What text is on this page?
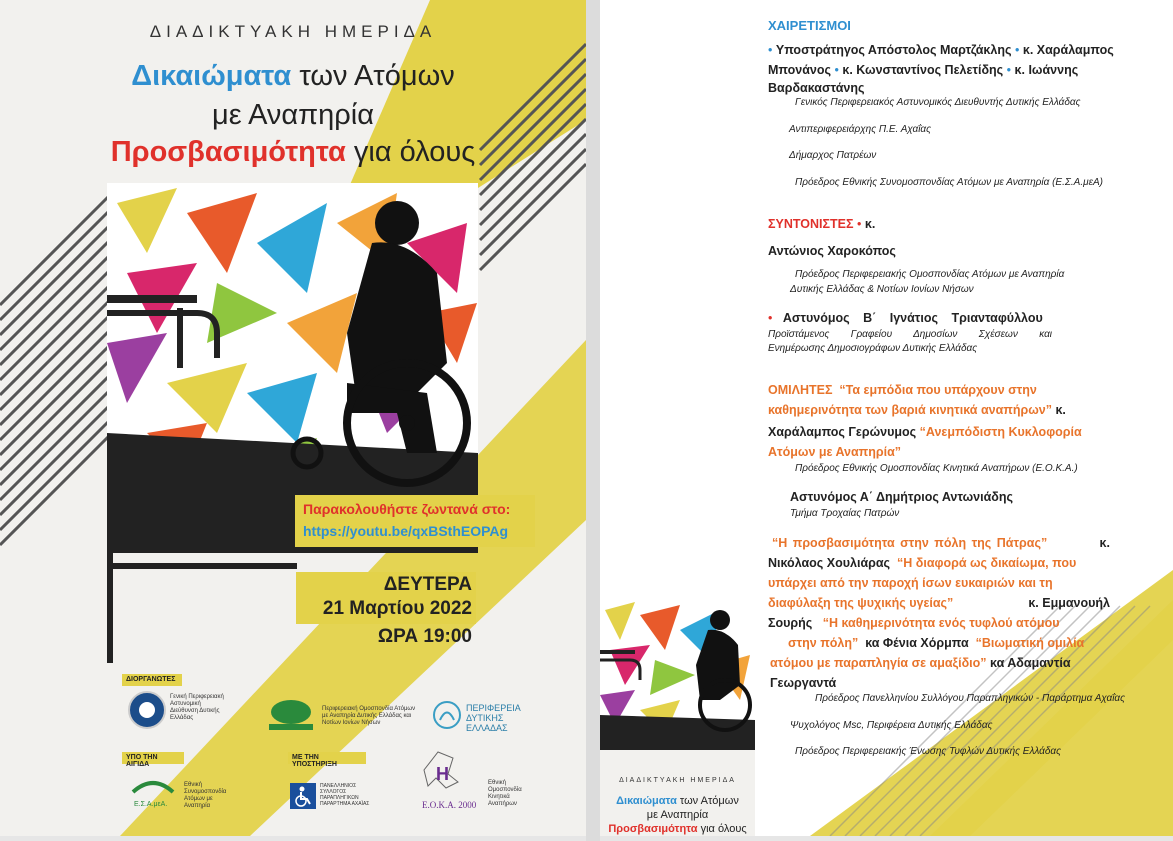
ΔΙΑΔΙΚΤΥΑΚΗ ΗΜΕΡΙΔΑ
Δικαιώματα των Ατόμων
με Αναπηρία
Προσβασιμότητα για όλους
Παρακολουθήστε ζωντανά στο:
https://youtu.be/qxBSthEOPAg
ΔΕΥΤΕΡΑ
21 Μαρτίου 2022
ΩΡΑ 19:00
ΔΙΟΡΓΑΝΩΤΕΣ
Γενική Περιφερειακή Αστυνομική Διεύθυνση Δυτικής Ελλάδας
Περιφερειακή Ομοσπονδία Ατόμων με Αναπηρία Δυτικής Ελλάδας και Νοτίων Ιονίων Νήσων
ΠΕΡΙΦΕΡΕΙΑ ΔΥΤΙΚΗΣ ΕΛΛΑΔΑΣ
ΥΠΟ ΤΗΝ ΑΙΓΙΔΑ
Ε.Σ.Α.μεΑ.
Εθνική Συνομοσπονδία Ατόμων με Αναπηρία
ΜΕ ΤΗΝ ΥΠΟΣΤΗΡΙΞΗ
ΠΑΝΕΛΛΗΝΙΟΣ ΣΥΛΛΟΓΟΣ ΠΑΡΑΠΛΗΓΙΚΩΝ ΠΑΡΑΡΤΗΜΑ ΑΧΑΪΑΣ
H
Ε.Ο.Κ.Α. 2000
Εθνική Ομοσπονδία Κινητικά Αναπήρων
ΧΑΙΡΕΤΙΣΜΟΙ
• Υποστράτηγος Απόστολος Μαρτζάκλης • κ. Χαράλαμπος
Μπονάνος • κ. Κωνσταντίνος Πελετίδης • κ. Ιωάννης
Βαρδακαστάνης
Γενικός Περιφερειακός Αστυνομικός Διευθυντής Δυτικής Ελλάδας
Αντιπεριφερειάρχης Π.Ε. Αχαΐας
Δήμαρχος Πατρέων
Πρόεδρος Εθνικής Συνομοσπονδίας Ατόμων με Αναπηρία (Ε.Σ.Α.μεΑ)
ΣΥΝΤΟΝΙΣΤΕΣ • κ.
Αντώνιος Χαροκόπος
Πρόεδρος Περιφερειακής Ομοσπονδίας Ατόμων με Αναπηρία
Δυτικής Ελλάδας & Νοτίων Ιονίων Νήσων
• Αστυνόμος Β΄ Ιγνάτιος Τριανταφύλλου
Προϊστάμενος Γραφείου Δημοσίων Σχέσεων και
Ενημέρωσης Δημοσιογράφων Δυτικής Ελλάδας
ΟΜΙΛΗΤΕΣ “Τα εμπόδια που υπάρχουν στην
καθημερινότητα των βαριά κινητικά αναπήρων” κ.
Χαράλαμπος Γερώνυμος “Ανεμπόδιστη Κυκλοφορία
Ατόμων με Αναπηρία”
Πρόεδρος Εθνικής Ομοσπονδίας Κινητικά Αναπήρων (Ε.Ο.Κ.Α.)
Αστυνόμος Α΄ Δημήτριος Αντωνιάδης
Τμήμα Τροχαίας Πατρών
“Η προσβασιμότητα στην πόλη της Πάτρας”	κ.
Νικόλαος Χουλιάρας “Η διαφορά ως δικαίωμα, που
υπάρχει από την παροχή ίσων ευκαιριών και τη
διαφύλαξη της ψυχικής υγείας”	κ. Εμμανουήλ
Σουρής “Η καθημερινότητα ενός τυφλού ατόμου
στην πόλη” κα Φένια Χόρμπα “Βιωματική ομιλία
ατόμου με παραπληγία σε αμαξίδιο” κα Αδαμαντία
Γεωργαντά
Πρόεδρος Πανελληνίου Συλλόγου Παραπληγικών - Παράρτημα Αχαΐας
Ψυχολόγος Msc, Περιφέρεια Δυτικής Ελλάδας
Πρόεδρος Περιφερειακής Ένωσης Τυφλών Δυτικής Ελλάδας
ΔΙΑΔΙΚΤΥΑΚΗ ΗΜΕΡΙΔΑ
Δικαιώματα των Ατόμων
με Αναπηρία
Προσβασιμότητα για όλους
